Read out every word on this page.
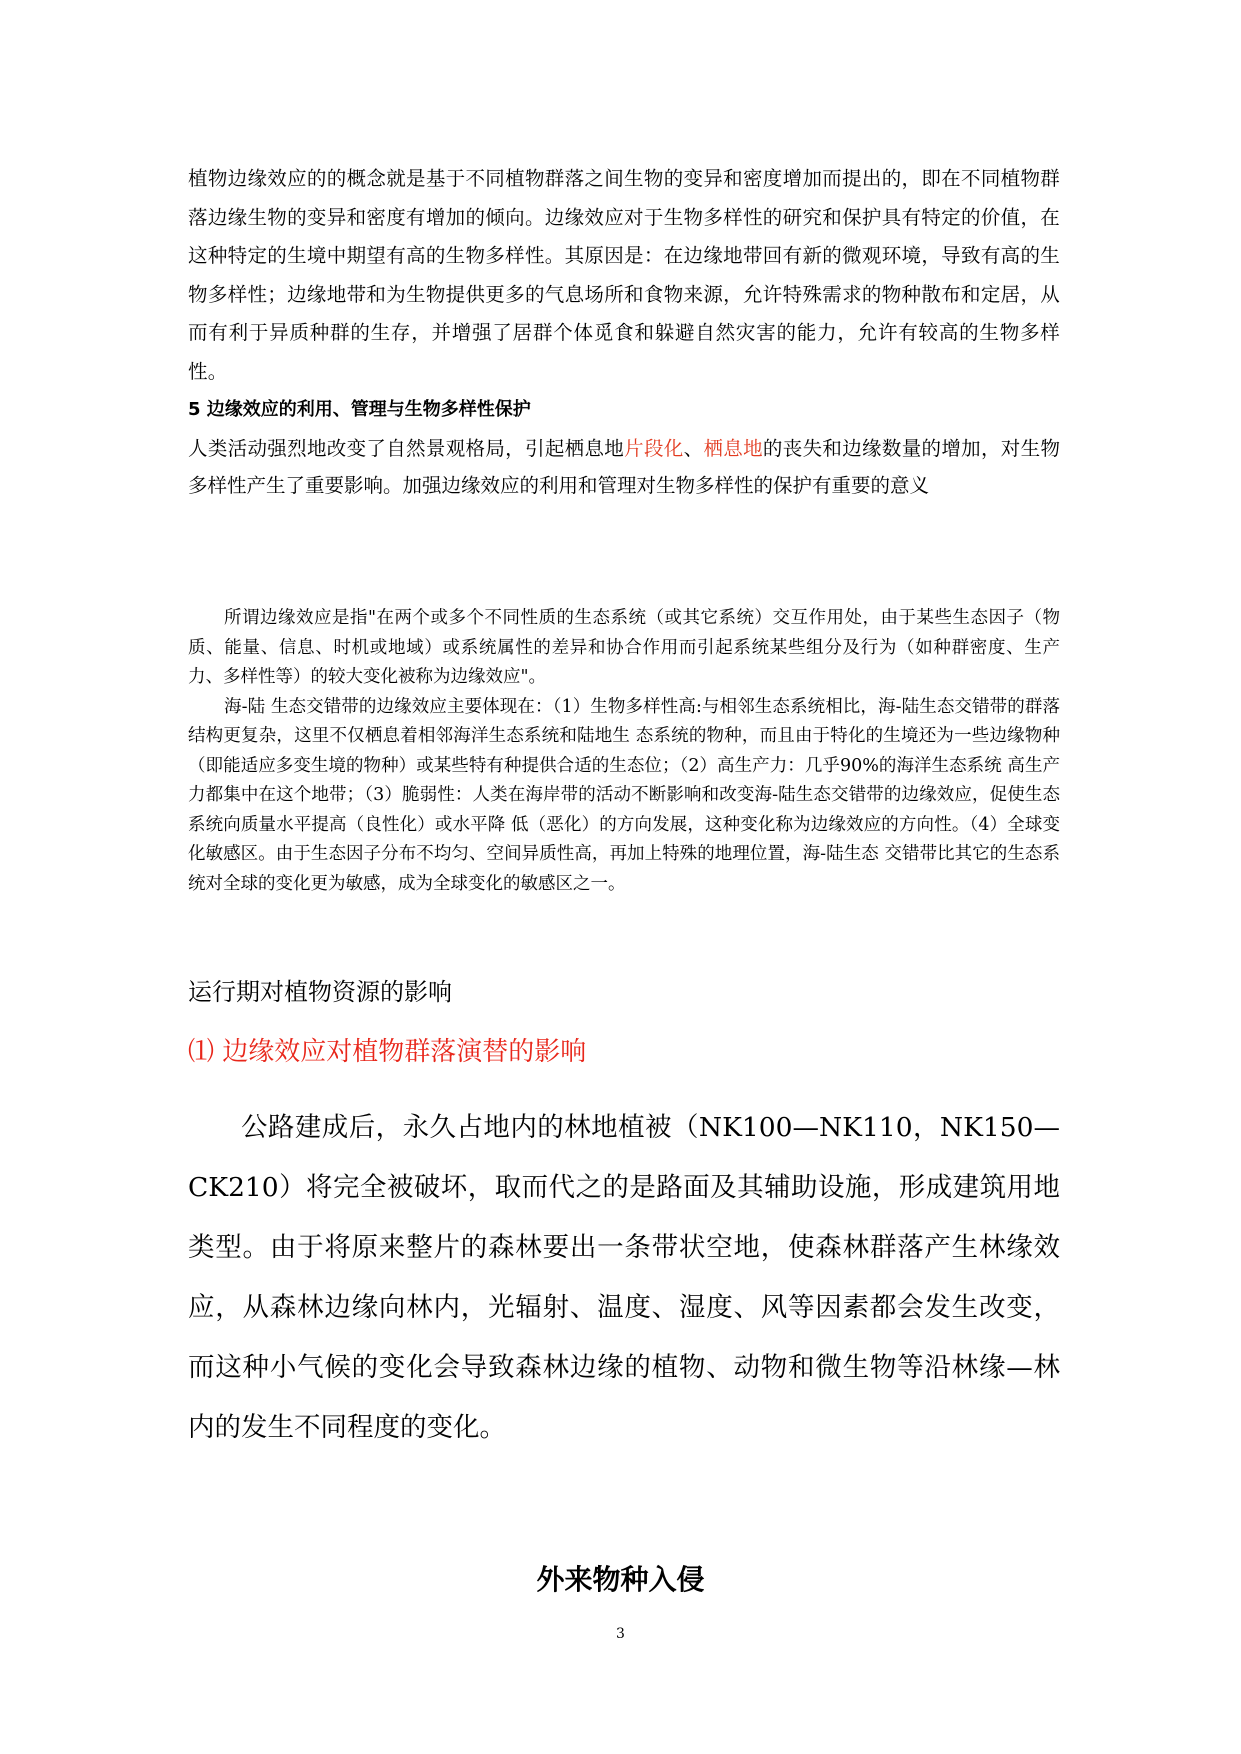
植物边缘效应的的概念就是基于不同植物群落之间生物的变异和密度增加而提出的，即在不同植物群落边缘生物的变异和密度有增加的倾向。边缘效应对于生物多样性的研究和保护具有特定的价值，在这种特定的生境中期望有高的生物多样性。其原因是：在边缘地带回有新的微观环境，导致有高的生物多样性；边缘地带和为生物提供更多的气息场所和食物来源，允许特殊需求的物种散布和定居，从而有利于异质种群的生存，并增强了居群个体觅食和躲避自然灾害的能力，允许有较高的生物多样性。

5 边缘效应的利用、管理与生物多样性保护

人类活动强烈地改变了自然景观格局，引起栖息地片段化、栖息地的丧失和边缘数量的增加，对生物多样性产生了重要影响。加强边缘效应的利用和管理对生物多样性的保护有重要的意义

所谓边缘效应是指"在两个或多个不同性质的生态系统（或其它系统）交互作用处，由于某些生态因子（物 质、能量、信息、时机或地域）或系统属性的差异和协合作用而引起系统某些组分及行为（如种群密度、生产力、多样性等）的较大变化被称为边缘效应"。

海-陆 生态交错带的边缘效应主要体现在：（1）生物多样性高:与相邻生态系统相比，海-陆生态交错带的群落结构更复杂，这里不仅栖息着相邻海洋生态系统和陆地生 态系统的物种，而且由于特化的生境还为一些边缘物种（即能适应多变生境的物种）或某些特有种提供合适的生态位；（2）高生产力：几乎90%的海洋生态系统 高生产力都集中在这个地带；（3）脆弱性：人类在海岸带的活动不断影响和改变海-陆生态交错带的边缘效应，促使生态系统向质量水平提高（良性化）或水平降 低（恶化）的方向发展，这种变化称为边缘效应的方向性。（4）全球变化敏感区。由于生态因子分布不均匀、空间异质性高，再加上特殊的地理位置，海-陆生态 交错带比其它的生态系统对全球的变化更为敏感，成为全球变化的敏感区之一。

运行期对植物资源的影响
⑴ 边缘效应对植物群落演替的影响

公路建成后，永久占地内的林地植被（NK100—NK110，NK150—CK210）将完全被破坏，取而代之的是路面及其辅助设施，形成建筑用地类型。由于将原来整片的森林要出一条带状空地，使森林群落产生林缘效应，从森林边缘向林内，光辐射、温度、湿度、风等因素都会发生改变，而这种小气候的变化会导致森林边缘的植物、动物和微生物等沿林缘—林内的发生不同程度的变化。

外来物种入侵
3
